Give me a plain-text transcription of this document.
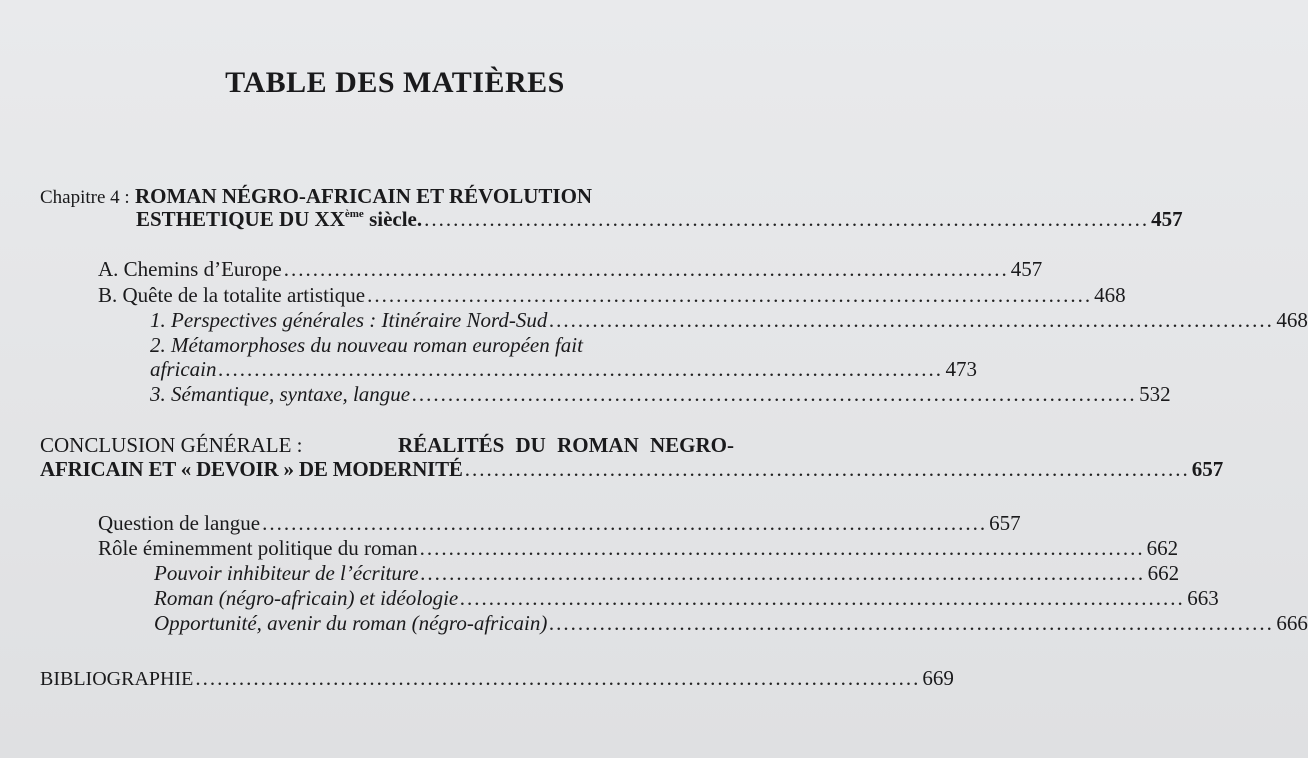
TABLE DES MATIÈRES
Chapitre 4 : ROMAN NÉGRO-AFRICAIN ET RÉVOLUTION
ESTHETIQUE DU XXème siècle. .................................................................................................... 457
A. Chemins d’Europe .................................................................................................... 457
B. Quête de la totalite artistique .................................................................................................... 468
1. Perspectives générales : Itinéraire Nord-Sud .................................................................................................... 468
2. Métamorphoses du nouveau roman européen fait
africain .................................................................................................... 473
3. Sémantique, syntaxe, langue .................................................................................................... 532
CONCLUSION GÉNÉRALE :	RÉALITÉS DU ROMAN NEGRO-
AFRICAIN ET « DEVOIR » DE MODERNITÉ .................................................................................................... 657
Question de langue .................................................................................................... 657
Rôle éminemment politique du roman .................................................................................................... 662
Pouvoir inhibiteur de l’écriture .................................................................................................... 662
Roman (négro-africain) et idéologie .................................................................................................... 663
Opportunité, avenir du roman (négro-africain) .................................................................................................... 666
BIBLIOGRAPHIE .................................................................................................... 669
